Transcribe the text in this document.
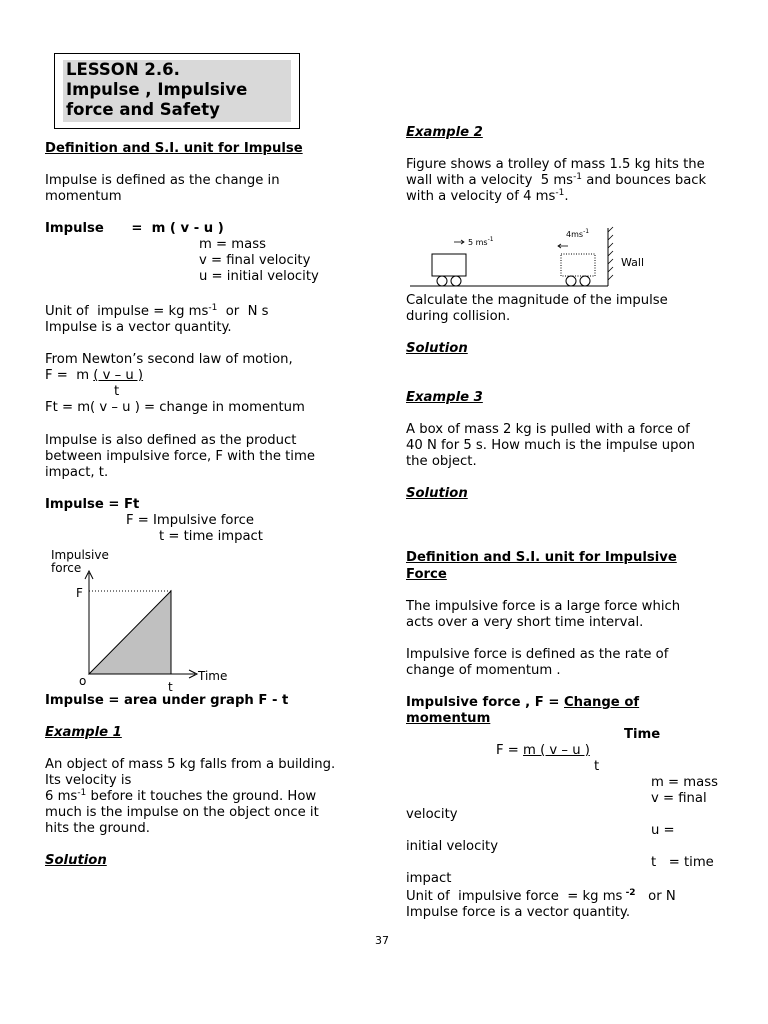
LESSON 2.6.
Impulse , Impulsive
force and Safety
Definition and S.I. unit for Impulse
Impulse is defined as the change in
momentum
Impulse      =  m ( v - u )
m = mass
v = final velocity
u = initial velocity
Unit of  impulse = kg $ms^{-1}$  or  N s
Impulse is a vector quantity.
From Newton’s second law of motion,
F =  m ( v – u )
t
Ft = m( v – u ) = change in momentum
Impulse is also defined as the product
between impulsive force, F with the time
impact, t.
Impulse = Ft
F = Impulsive force
t = time impact
Impulsive
force
F
o	t
Time
Impulse = area under graph F - t
Example 1
An object of mass 5 kg falls from a building.
Its velocity is
6 $ms^{-1}$ before it touches the ground. How
much is the impulse on the object once it
hits the ground.
Solution
Example 2
Figure shows a trolley of mass 1.5 kg hits the
wall with a velocity  5 $ms^{-1}$ and bounces back
with a velocity of 4 $ms^{-1}$.
Wall
5 $ms^{-1}$
$4ms^{-1}$
Calculate the magnitude of the impulse
during collision.
Solution
Example 3
A box of mass 2 kg is pulled with a force of
40 N for 5 s. How much is the impulse upon
the object.
Solution
Definition and S.I. unit for Impulsive
Force
The impulsive force is a large force which
acts over a very short time interval.
Impulsive force is defined as the rate of
change of momentum .
Impulsive force , F = Change of
momentum
Time
F = m ( v – u )
t
m = mass
v = final
velocity
u =
initial velocity
t   = time
impact
Unit of  impulsive force  = kg ms $^{-2}$   or N
Impulse force is a vector quantity.
37
